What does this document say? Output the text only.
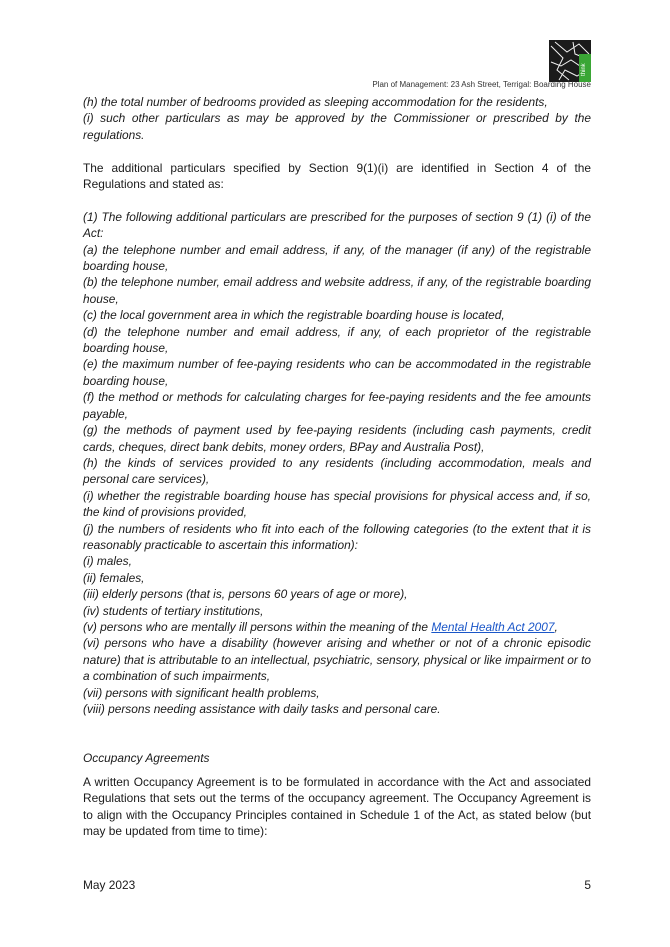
think
Plan of Management: 23 Ash Street, Terrigal: Boarding House

(h) the total number of bedrooms provided as sleeping accommodation for the residents,

(i) such other particulars as may be approved by the Commissioner or prescribed by the regulations.

The additional particulars specified by Section 9(1)(i) are identified in Section 4 of the Regulations and stated as:

(1) The following additional particulars are prescribed for the purposes of section 9 (1) (i) of the Act:

(a) the telephone number and email address, if any, of the manager (if any) of the registrable boarding house,

(b) the telephone number, email address and website address, if any, of the registrable boarding house,

(c) the local government area in which the registrable boarding house is located,

(d) the telephone number and email address, if any, of each proprietor of the registrable boarding house,

(e) the maximum number of fee-paying residents who can be accommodated in the registrable boarding house,

(f) the method or methods for calculating charges for fee-paying residents and the fee amounts payable,

(g) the methods of payment used by fee-paying residents (including cash payments, credit cards, cheques, direct bank debits, money orders, BPay and Australia Post),

(h) the kinds of services provided to any residents (including accommodation, meals and personal care services),

(i) whether the registrable boarding house has special provisions for physical access and, if so, the kind of provisions provided,

(j) the numbers of residents who fit into each of the following categories (to the extent that it is reasonably practicable to ascertain this information):

(i) males,

(ii) females,

(iii) elderly persons (that is, persons 60 years of age or more),

(iv) students of tertiary institutions,

(v) persons who are mentally ill persons within the meaning of the Mental Health Act 2007,

(vi) persons who have a disability (however arising and whether or not of a chronic episodic nature) that is attributable to an intellectual, psychiatric, sensory, physical or like impairment or to a combination of such impairments,

(vii) persons with significant health problems,

(viii) persons needing assistance with daily tasks and personal care.

Occupancy Agreements

A written Occupancy Agreement is to be formulated in accordance with the Act and associated Regulations that sets out the terms of the occupancy agreement. The Occupancy Agreement is to align with the Occupancy Principles contained in Schedule 1 of the Act, as stated below (but may be updated from time to time):

May 2023	5
